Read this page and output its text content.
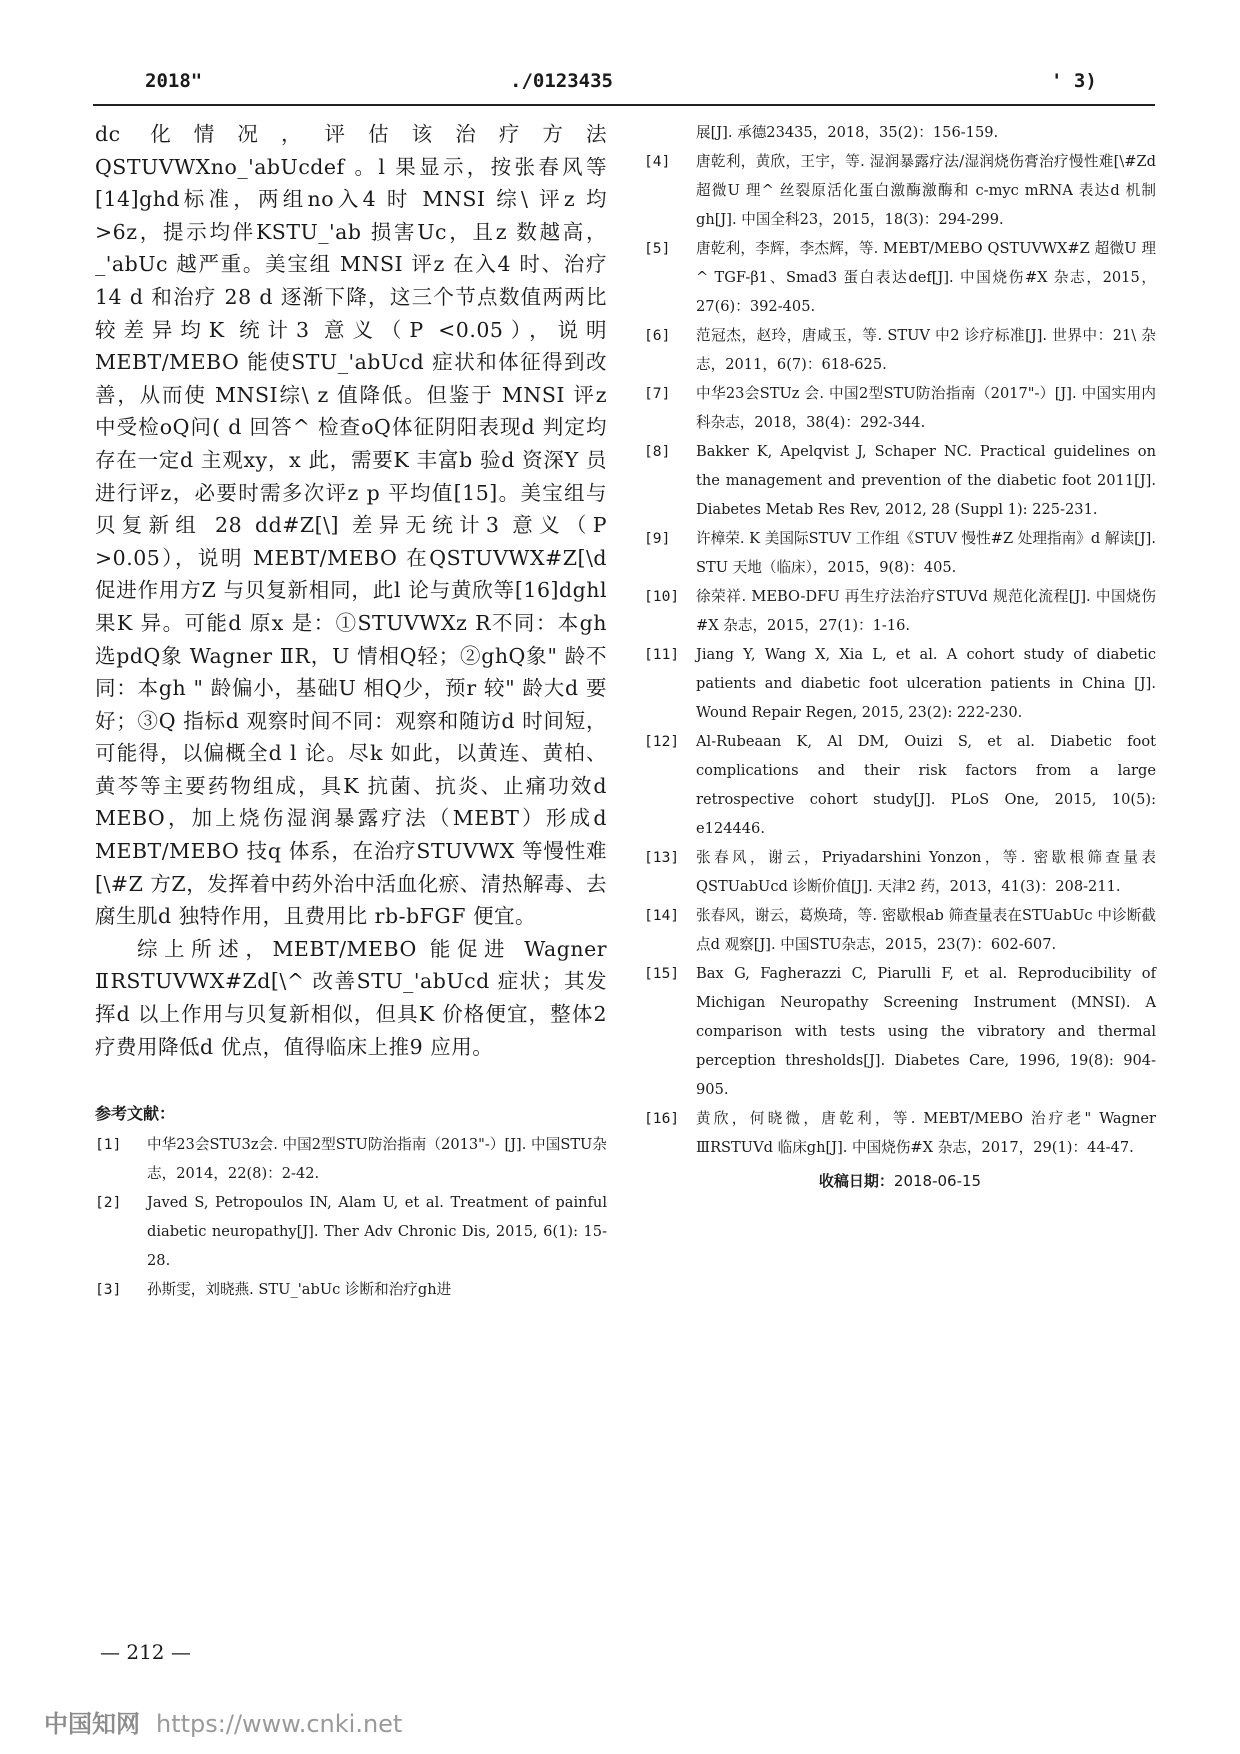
2018"	./0123435	' 3)

dc 化情况，评估该治疗方法QSTUVWXno_'abUcdef 。l 果显示，按张春风等[14]ghd标准，两组no入4 时 MNSI 综\ 评z 均>6z，提示均伴KSTU_'ab 损害Uc，且z 数越高，_'abUc 越严重。美宝组 MNSI 评z 在入4 时、治疗 14 d 和治疗 28 d 逐渐下降，这三个节点数值两两比较差异均K 统计3 意义（P <0.05），说明 MEBT/MEBO 能使STU_'abUcd 症状和体征得到改善，从而使 MNSI综\ z 值降低。但鉴于 MNSI 评z 中受检oQ问( d 回答^ 检查oQ体征阴阳表现d 判定均存在一定d 主观xy，x 此，需要K 丰富b 验d 资深Y 员进行评z，必要时需多次评z p 平均值[15]。美宝组与贝复新组 28 dd#Z[\] 差异无统计3 意义（P >0.05），说明 MEBT/MEBO 在QSTUVWX#Z[\d 促进作用方Z 与贝复新相同，此l 论与黄欣等[16]dghl 果K 异。可能d 原x 是：①STUVWXz R不同：本gh 选pdQ象 Wagner ⅡR，U 情相Q轻；②ghQ象" 龄不同：本gh " 龄偏小，基础U 相Q少，预r 较" 龄大d 要好；③Q 指标d 观察时间不同：观察和随访d 时间短，可能得，以偏概全d l 论。尽k 如此，以黄连、黄柏、黄芩等主要药物组成，具K 抗菌、抗炎、止痛功效d MEBO，加上烧伤湿润暴露疗法（MEBT）形成d MEBT/MEBO 技q 体系，在治疗STUVWX 等慢性难[\#Z 方Z，发挥着中药外治中活血化瘀、清热解毒、去腐生肌d 独特作用，且费用比 rb-bFGF 便宜。

综上所述，MEBT/MEBO 能促进 Wagner ⅡRSTUVWX#Zd[\^ 改善STU_'abUcd 症状；其发挥d 以上作用与贝复新相似，但具K 价格便宜，整体2 疗费用降低d 优点，值得临床上推9 应用。

参考文献：
[1]	中华23会STU3z会. 中国2型STU防治指南（2013"-）[J]. 中国STU杂志，2014，22(8)：2-42.
[2]	Javed S, Petropoulos IN, Alam U, et al. Treatment of painful diabetic neuropathy[J]. Ther Adv Chronic Dis, 2015, 6(1): 15-28.
[3]	孙斯雯，刘晓燕. STU_'abUc 诊断和治疗gh进
展[J]. 承德23435，2018，35(2)：156-159.
[4]	唐乾利，黄欣，王宇，等. 湿润暴露疗法/湿润烧伤膏治疗慢性难[\#Zd 超微U 理^ 丝裂原活化蛋白激酶激酶和 c-myc mRNA 表达d 机制gh[J]. 中国全科23，2015，18(3)：294-299.
[5]	唐乾利，李辉，李杰辉，等. MEBT/MEBO QSTUVWX#Z 超微U 理^ TGF-β1、Smad3 蛋白表达def[J]. 中国烧伤#X 杂志，2015，27(6)：392-405.
[6]	范冠杰，赵玲，唐咸玉，等. STUV 中2 诊疗标准[J]. 世界中：21\ 杂志，2011，6(7)：618-625.
[7]	中华23会STUz 会. 中国2型STU防治指南（2017"-）[J]. 中国实用内科杂志，2018，38(4)：292-344.
[8]	Bakker K, Apelqvist J, Schaper NC. Practical guidelines on the management and prevention of the diabetic foot 2011[J]. Diabetes Metab Res Rev, 2012, 28 (Suppl 1): 225-231.
[9]	许樟荣. K 美国际STUV 工作组《STUV 慢性#Z 处理指南》d 解读[J]. STU 天地（临床），2015，9(8)：405.
[10]	徐荣祥. MEBO-DFU 再生疗法治疗STUVd 规范化流程[J]. 中国烧伤#X 杂志，2015，27(1)：1-16.
[11]	Jiang Y, Wang X, Xia L, et al. A cohort study of diabetic patients and diabetic foot ulceration patients in China [J]. Wound Repair Regen, 2015, 23(2): 222-230.
[12]	Al-Rubeaan K, Al DM, Ouizi S, et al. Diabetic foot complications and their risk factors from a large retrospective cohort study[J]. PLoS One, 2015, 10(5): e124446.
[13]	张春风，谢云，Priyadarshini Yonzon，等. 密歇根筛查量表QSTUabUcd 诊断价值[J]. 天津2 药，2013，41(3)：208-211.
[14]	张春风，谢云，葛焕琦，等. 密歇根ab 筛查量表在STUabUc 中诊断截点d 观察[J]. 中国STU杂志，2015，23(7)：602-607.
[15]	Bax G, Fagherazzi C, Piarulli F, et al. Reproducibility of Michigan Neuropathy Screening Instrument (MNSI). A comparison with tests using the vibratory and thermal perception thresholds[J]. Diabetes Care, 1996, 19(8): 904-905.
[16]	黄欣，何晓微，唐乾利，等. MEBT/MEBO 治疗老" Wagner ⅢRSTUVd 临床gh[J]. 中国烧伤#X 杂志，2017，29(1)：44-47.
收稿日期：2018-06-15
— 212 —
中国知网 https://www.cnki.net
